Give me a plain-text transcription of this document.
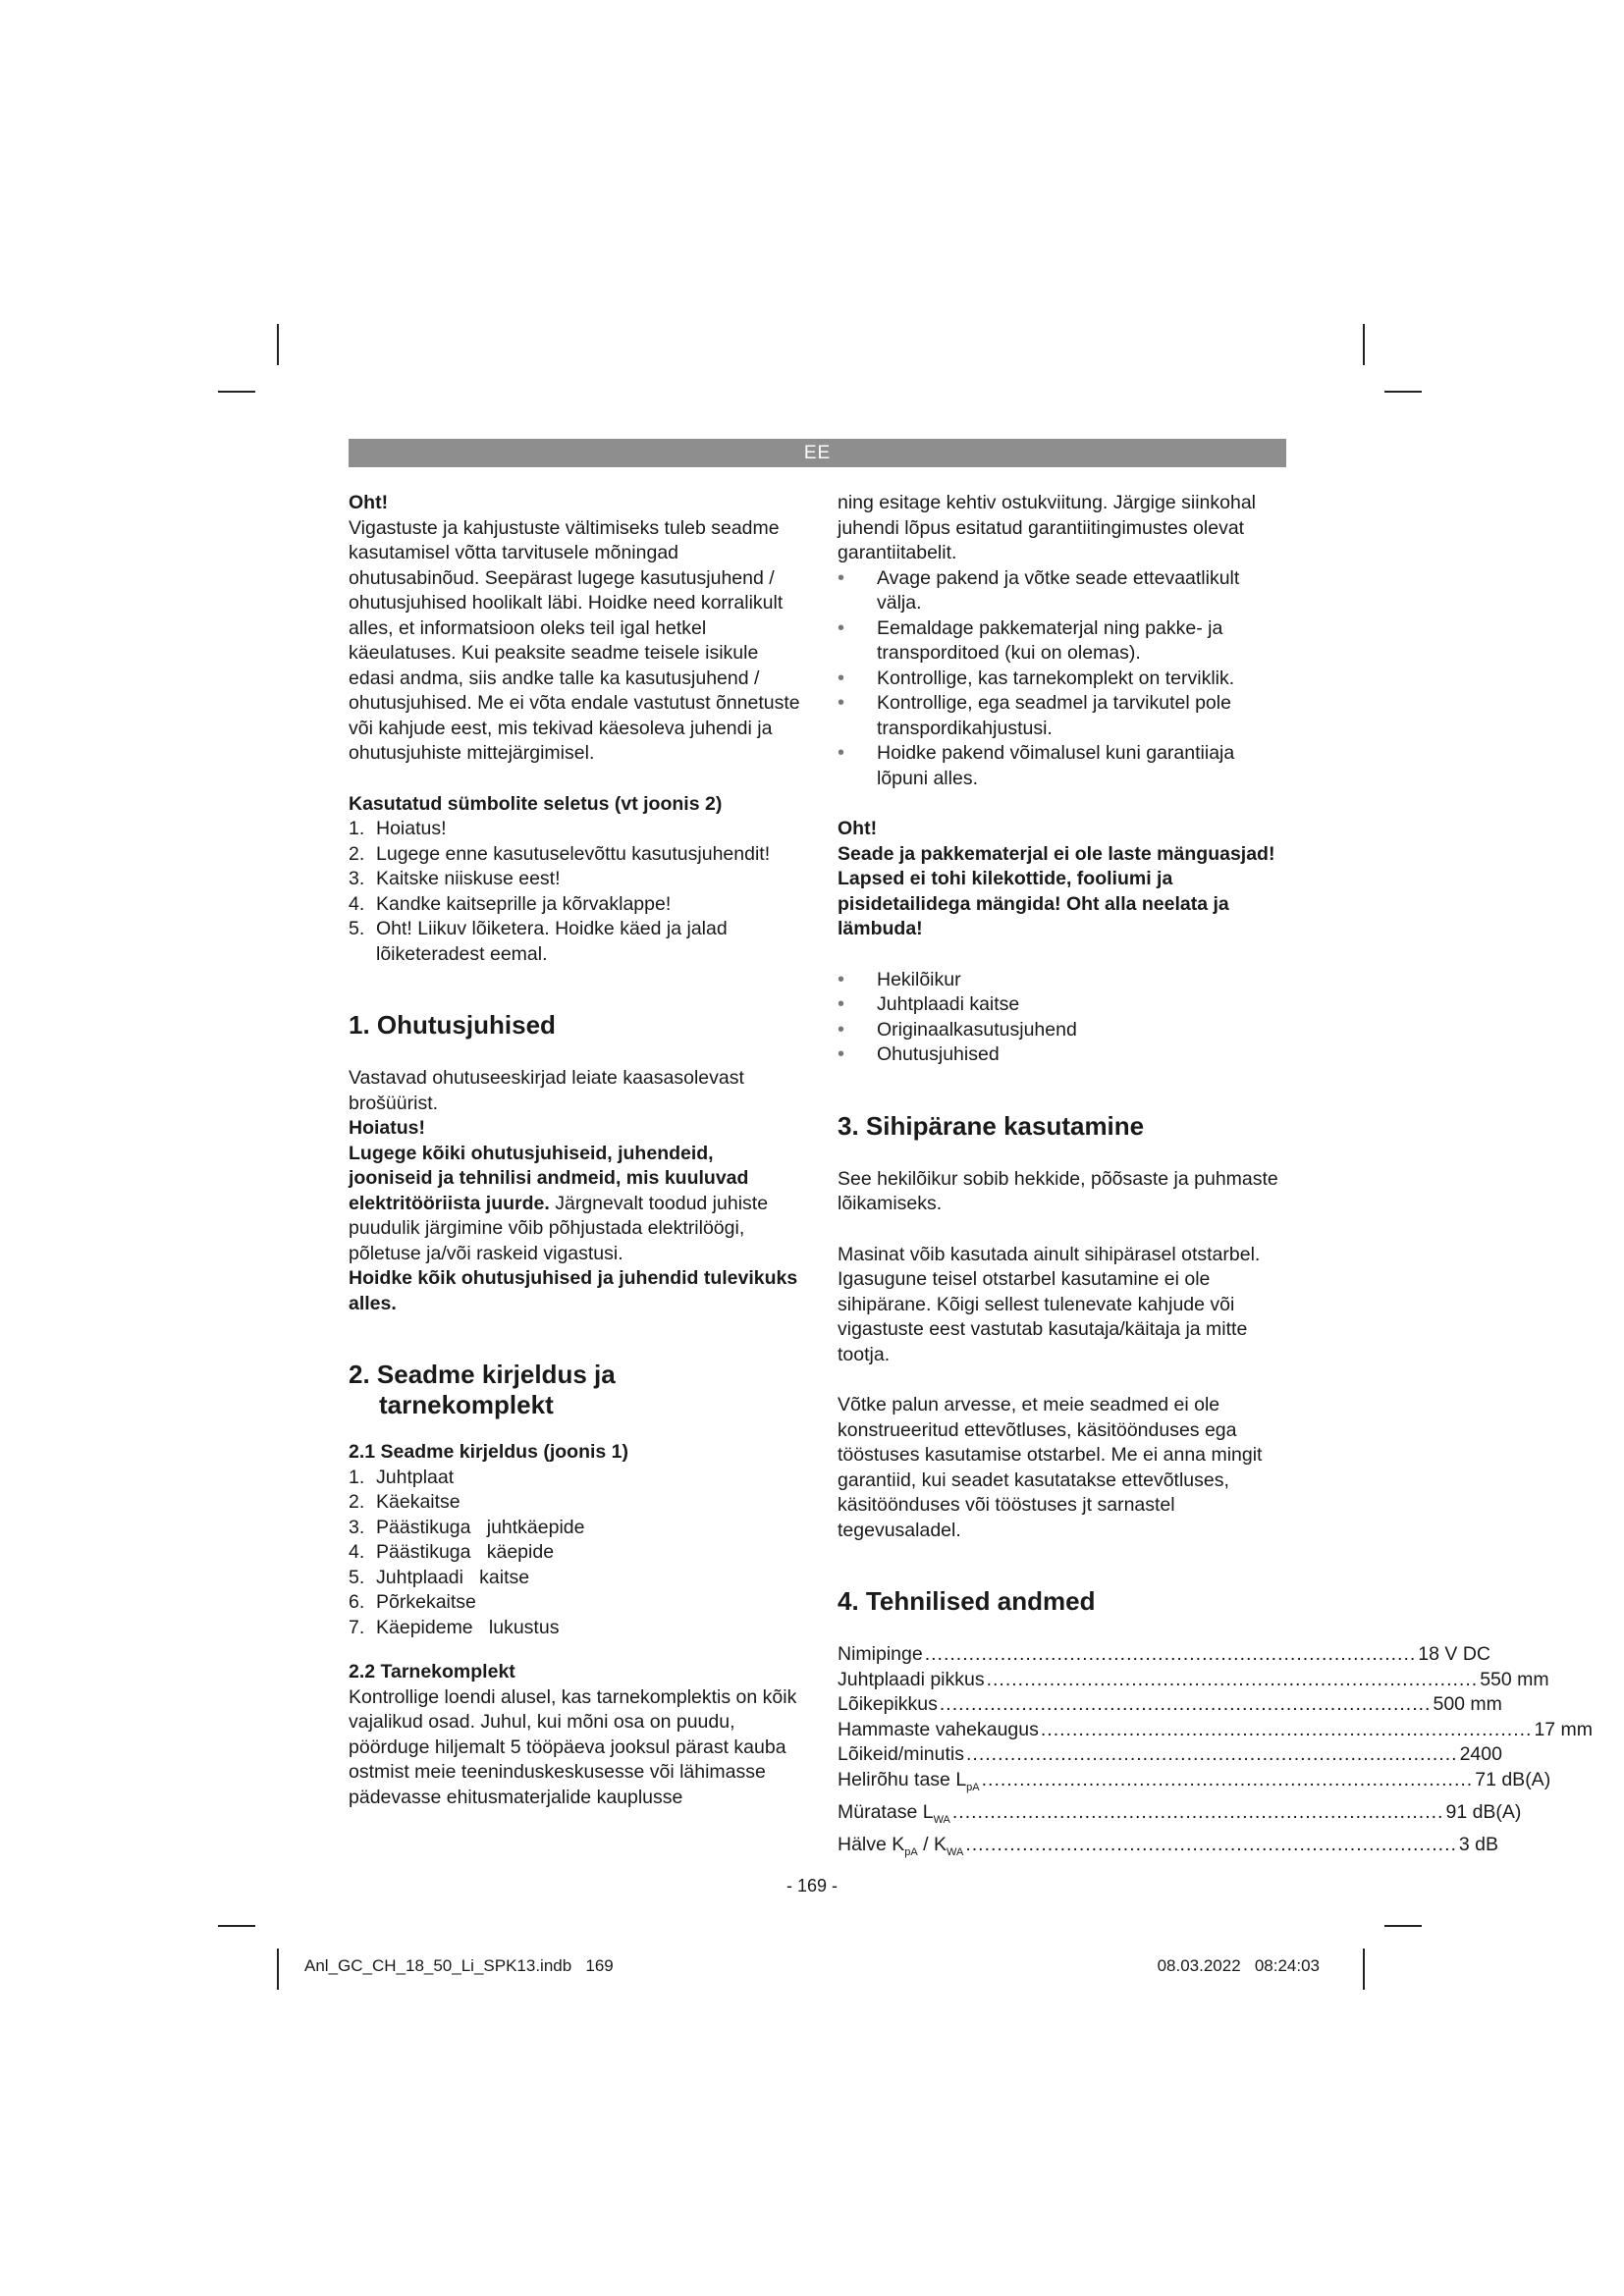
EE

Oht!

Vigastuste ja kahjustuste vältimiseks tuleb seadme kasutamisel võtta tarvitusele mõningad ohutusabinõud. Seepärast lugege kasutusjuhend / ohutusjuhised hoolikalt läbi. Hoidke need korralikult alles, et informatsioon oleks teil igal hetkel käeulatuses. Kui peaksite seadme teisele isikule edasi andma, siis andke talle ka kasutusjuhend / ohutusjuhised. Me ei võta endale vastutust õnnetuste või kahjude eest, mis tekivad käesoleva juhendi ja ohutusjuhiste mittejärgimisel.

Kasutatud sümbolite seletus (vt joonis 2)
1. Hoiatus!
2. Lugege enne kasutuselevõttu kasutusjuhendit!
3. Kaitske niiskuse eest!
4. Kandke kaitseprille ja kõrvaklappe!
5. Oht! Liikuv lõiketera. Hoidke käed ja jalad lõiketeradest eemal.
1. Ohutusjuhised

Vastavad ohutuseeskirjad leiate kaasasolevast brošüürist.

Hoiatus!

Lugege kõiki ohutusjuhiseid, juhendeid, jooniseid ja tehnilisi andmeid, mis kuuluvad elektritööriista juurde. Järgnevalt toodud juhiste puudulik järgimine võib põhjustada elektrilöögi, põletuse ja/või raskeid vigastusi.

Hoidke kõik ohutusjuhised ja juhendid tulevikuks alles.

2. Seadme kirjeldus ja
tarnekomplekt
2.1 Seadme kirjeldus (joonis 1)
1. Juhtplaat
2. Käekaitse
3. Päästikuga   juhtkäepide
4. Päästikuga   käepide
5. Juhtplaadi   kaitse
6. Põrkekaitse
7. Käepideme   lukustus
2.2 Tarnekomplekt

Kontrollige loendi alusel, kas tarnekomplektis on kõik vajalikud osad. Juhul, kui mõni osa on puudu, pöörduge hiljemalt 5 tööpäeva jooksul pärast kauba ostmist meie teeninduskeskusesse või lähimasse pädevasse ehitusmaterjalide kauplusse

ning esitage kehtiv ostukviitung. Järgige siinkohal juhendi lõpus esitatud garantiitingimustes olevat garantiitabelit.

• Avage pakend ja võtke seade ettevaatlikult välja.
• Eemaldage pakkematerjal ning pakke- ja transporditoed (kui on olemas).
• Kontrollige, kas tarnekomplekt on terviklik.
• Kontrollige, ega seadmel ja tarvikutel pole transpordikahjustusi.
• Hoidke pakend võimalusel kuni garantiiaja lõpuni alles.

Oht!

Seade ja pakkematerjal ei ole laste mänguasjad! Lapsed ei tohi kilekottide, fooliumi ja pisidetailidega mängida! Oht alla neelata ja lämbuda!

• Hekilõikur
• Juhtplaadi kaitse
• Originaalkasutusjuhend
• Ohutusjuhised
3. Sihipärane kasutamine

See hekilõikur sobib hekkide, põõsaste ja puhmaste lõikamiseks.

Masinat võib kasutada ainult sihipärasel otstarbel. Igasugune teisel otstarbel kasutamine ei ole sihipärane. Kõigi sellest tulenevate kahjude või vigastuste eest vastutab kasutaja/käitaja ja mitte tootja.

Võtke palun arvesse, et meie seadmed ei ole konstrueeritud ettevõtluses, käsitöönduses ega tööstuses kasutamise otstarbel. Me ei anna mingit garantiid, kui seadet kasutatakse ettevõtluses, käsitöönduses või tööstuses jt sarnastel tegevusaladel.

4. Tehnilised andmed
Nimipinge .............................................................................. 18 V DC
Juhtplaadi pikkus .............................................................................. 550 mm
Lõikepikkus .............................................................................. 500 mm
Hammaste vahekaugus .............................................................................. 17 mm
Lõikeid/minutis .............................................................................. 2400
Helirõhu tase $L_{pA}$ .............................................................................. 71 dB(A)
Müratase $L_{WA}$ .............................................................................. 91 dB(A)
Hälve $K_{pA} / K_{WA}$ .............................................................................. 3 dB
- 169 -
Anl_GC_CH_18_50_Li_SPK13.indb   169	08.03.2022   08:24:03
